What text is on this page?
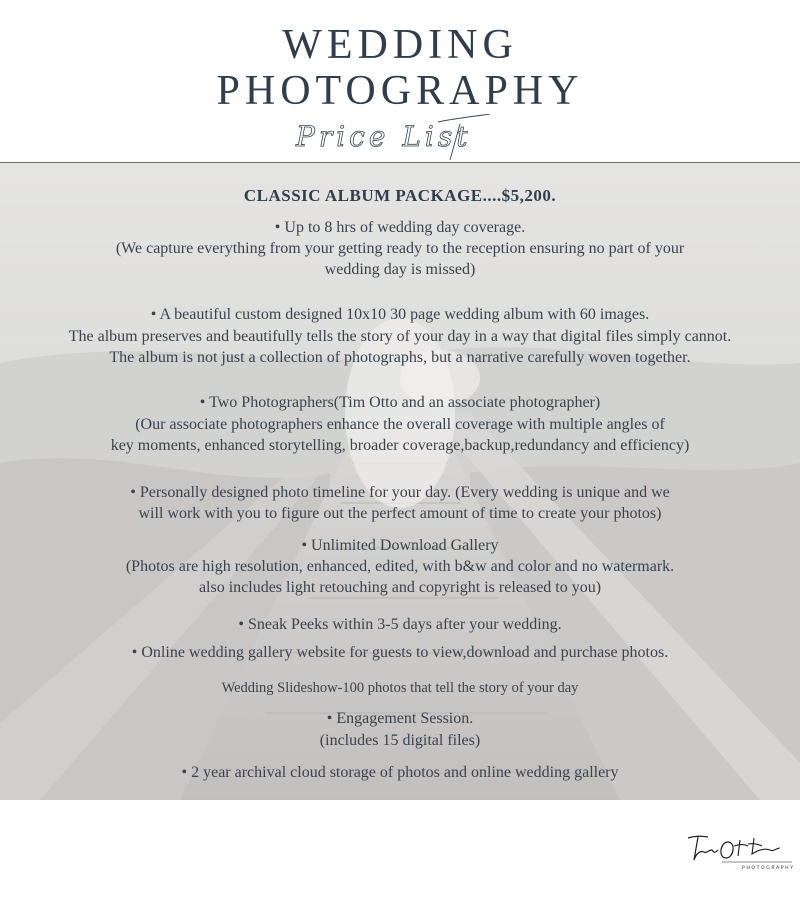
WEDDING
PHOTOGRAPHY
Price List
CLASSIC ALBUM PACKAGE....$5,200.
• Up to 8 hrs of wedding day coverage.
(We capture everything from your getting ready to the reception ensuring no part of your
wedding day is missed)
• A beautiful custom designed 10x10 30 page wedding album with 60 images.
The album preserves and beautifully tells the story of your day in a way that digital files simply cannot.
The album is not just a collection of photographs, but a narrative carefully woven together.
• Two Photographers(Tim Otto and an associate photographer)
(Our associate photographers enhance the overall coverage with multiple angles of
key moments, enhanced storytelling, broader coverage,backup,redundancy and efficiency)
• Personally designed photo timeline for your day. (Every wedding is unique and we
will work with you to figure out the perfect amount of time to create your photos)
• Unlimited Download Gallery
(Photos are high resolution, enhanced, edited, with b&w and color and no watermark.
also includes light retouching and copyright is released to you)
• Sneak Peeks within 3-5 days after your wedding.
• Online wedding gallery website for guests to view,download and purchase photos.
Wedding Slideshow-100 photos that tell the story of your day
• Engagement Session.
(includes 15 digital files)
• 2 year archival cloud storage of photos and online wedding gallery
PHOTOGRAPHY
